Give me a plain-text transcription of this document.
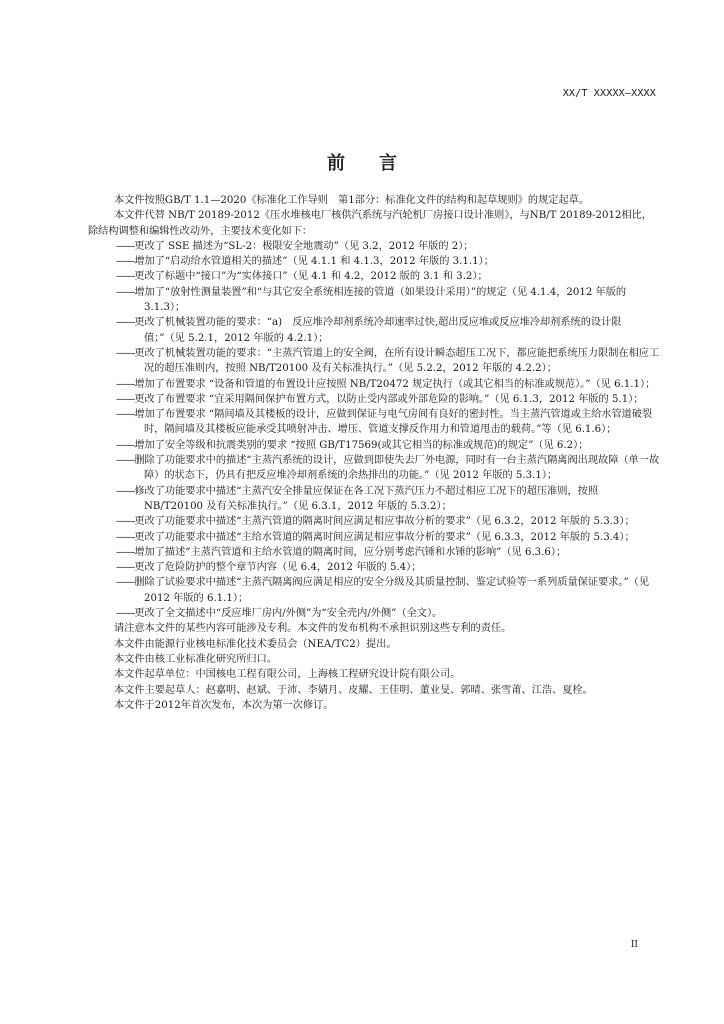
XX/T XXXXX—XXXX
前言

本文件按照GB/T 1.1—2020《标准化工作导则　第1部分：标准化文件的结构和起草规则》的规定起草。

本文件代替 NB/T 20189-2012《压水堆核电厂核供汽系统与汽轮机厂房接口设计准则》，与NB/T 20189-2012相比，除结构调整和编辑性改动外，主要技术变化如下：

——更改了 SSE 描述为“SL-2：极限安全地震动”（见 3.2，2012 年版的 2）；

——增加了“启动给水管道相关的描述”（见 4.1.1 和 4.1.3，2012 年版的 3.1.1）；

——更改了标题中“接口”为“实体接口”（见 4.1 和 4.2，2012 版的 3.1 和 3.2）；

——增加了“放射性测量装置”和“与其它安全系统相连接的管道（如果设计采用）”的规定（见 4.1.4，2012 年版的 3.1.3）；

——更改了机械装置功能的要求：“a)　反应堆冷却剂系统冷却速率过快,超出反应堆或反应堆冷却剂系统的设计限值；”（见 5.2.1，2012 年版的 4.2.1）；

——更改了机械装置功能的要求：“主蒸汽管道上的安全阀，在所有设计瞬态超压工况下，都应能把系统压力限制在相应工况的超压准则内，按照 NB/T20100 及有关标准执行。”（见 5.2.2，2012 年版的 4.2.2）；

——增加了布置要求 “设备和管道的布置设计应按照 NB/T20472 规定执行（或其它相当的标准或规范）。”（见 6.1.1）；

——更改了布置要求 “宜采用隔间保护布置方式，以防止受内部或外部危险的影响。”（见 6.1.3，2012 年版的 5.1）；

——增加了布置要求 “隔间墙及其楼板的设计，应做到保证与电气房间有良好的密封性。当主蒸汽管道或主给水管道破裂时，隔间墙及其楼板应能承受其喷射冲击、增压、管道支撑反作用力和管道甩击的载荷。”等（见 6.1.6）；

——增加了安全等级和抗震类别的要求 “按照 GB/T17569(或其它相当的标准或规范)的规定”（见 6.2）；

——删除了功能要求中的描述“主蒸汽系统的设计，应做到即使失去厂外电源，同时有一台主蒸汽隔离阀出现故障（单一故障）的状态下，仍具有把反应堆冷却剂系统的余热排出的功能。”（见 2012 年版的 5.3.1）；

——修改了功能要求中描述“主蒸汽安全排量应保证在各工况下蒸汽压力不超过相应工况下的超压准则，按照 NB/T20100 及有关标准执行。”（见 6.3.1，2012 年版的 5.3.2）；

——更改了功能要求中描述“主蒸汽管道的隔离时间应满足相应事故分析的要求”（见 6.3.2，2012 年版的 5.3.3）；

——更改了功能要求中描述“主给水管道的隔离时间应满足相应事故分析的要求”（见 6.3.3，2012 年版的 5.3.4）；

——增加了描述“主蒸汽管道和主给水管道的隔离时间，应分别考虑汽锤和水锤的影响”（见 6.3.6）；

——更改了危险防护的整个章节内容（见 6.4，2012 年版的 5.4）；

——删除了试验要求中描述“主蒸汽隔离阀应满足相应的安全分级及其质量控制、鉴定试验等一系列质量保证要求。”（见 2012 年版的 6.1.1）；

——更改了全文描述中“反应堆厂房内/外侧”为“安全壳内/外侧”（全文）。

请注意本文件的某些内容可能涉及专利。本文件的发布机构不承担识别这些专利的责任。

本文件由能源行业核电标准化技术委员会（NEA/TC2）提出。

本文件由核工业标准化研究所归口。

本文件起草单位：中国核电工程有限公司，上海核工程研究设计院有限公司。

本文件主要起草人：赵嘉明、赵斌、于沛、李婧月、皮耀、王佳明、董业旻、郭晴、张雪莆、江浩、夏栓。

本文件于2012年首次发布，本次为第一次修订。

II
